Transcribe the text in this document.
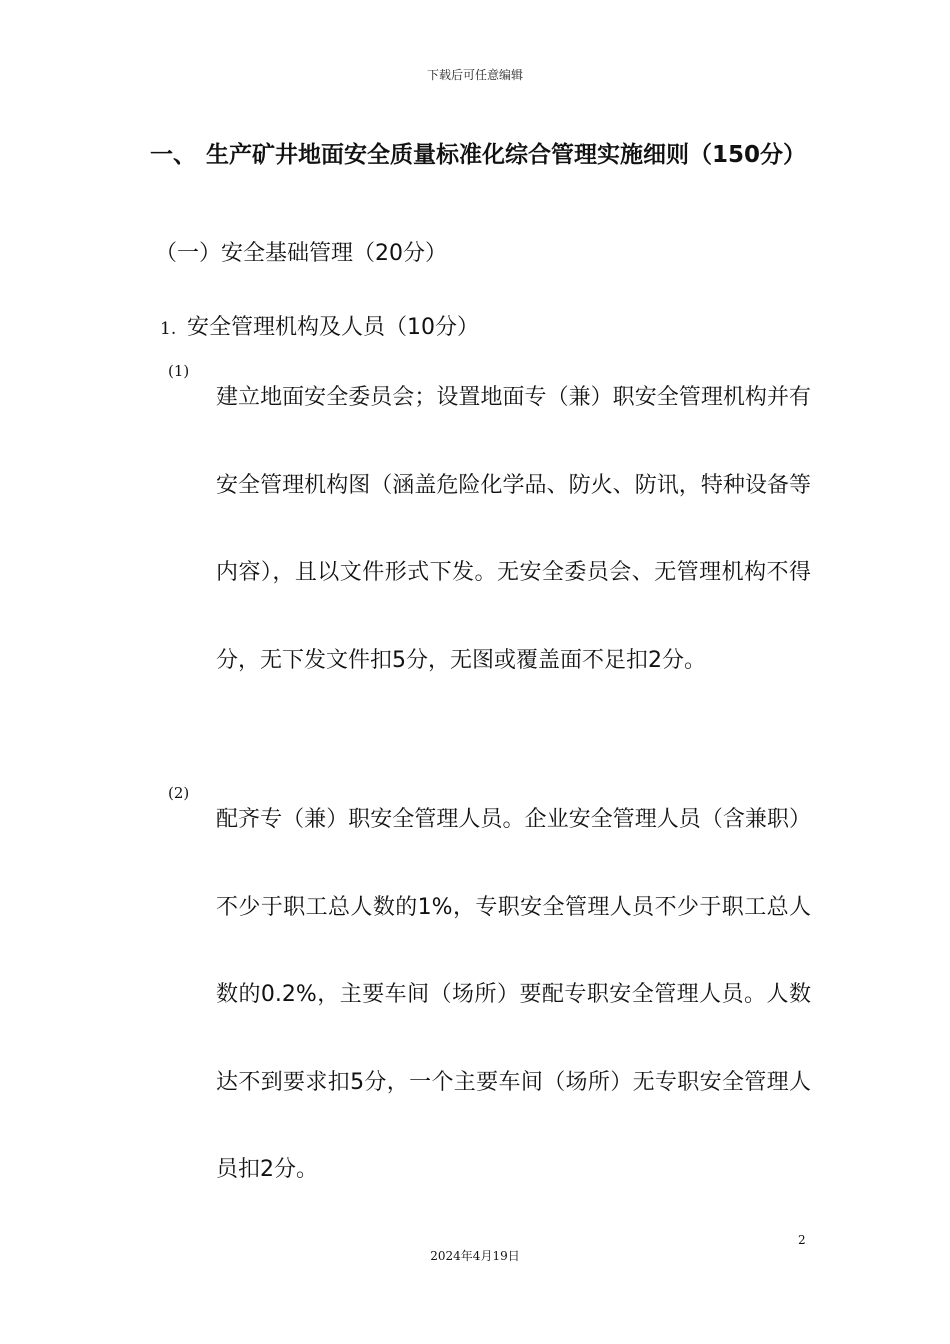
下载后可任意编辑
一、 生产矿井地面安全质量标准化综合管理实施细则（150分）
（一）安全基础管理（20分）
1. 安全管理机构及人员（10分）
(1)
建立地面安全委员会；设置地面专（兼）职安全管理机构并有安全管理机构图（涵盖危险化学品、防火、防讯，特种设备等内容），且以文件形式下发。无安全委员会、无管理机构不得分，无下发文件扣5分，无图或覆盖面不足扣2分。
(2)
配齐专（兼）职安全管理人员。企业安全管理人员（含兼职）不少于职工总人数的1%，专职安全管理人员不少于职工总人数的0.2%，主要车间（场所）要配专职安全管理人员。人数达不到要求扣5分，一个主要车间（场所）无专职安全管理人员扣2分。
2
2024年4月19日
